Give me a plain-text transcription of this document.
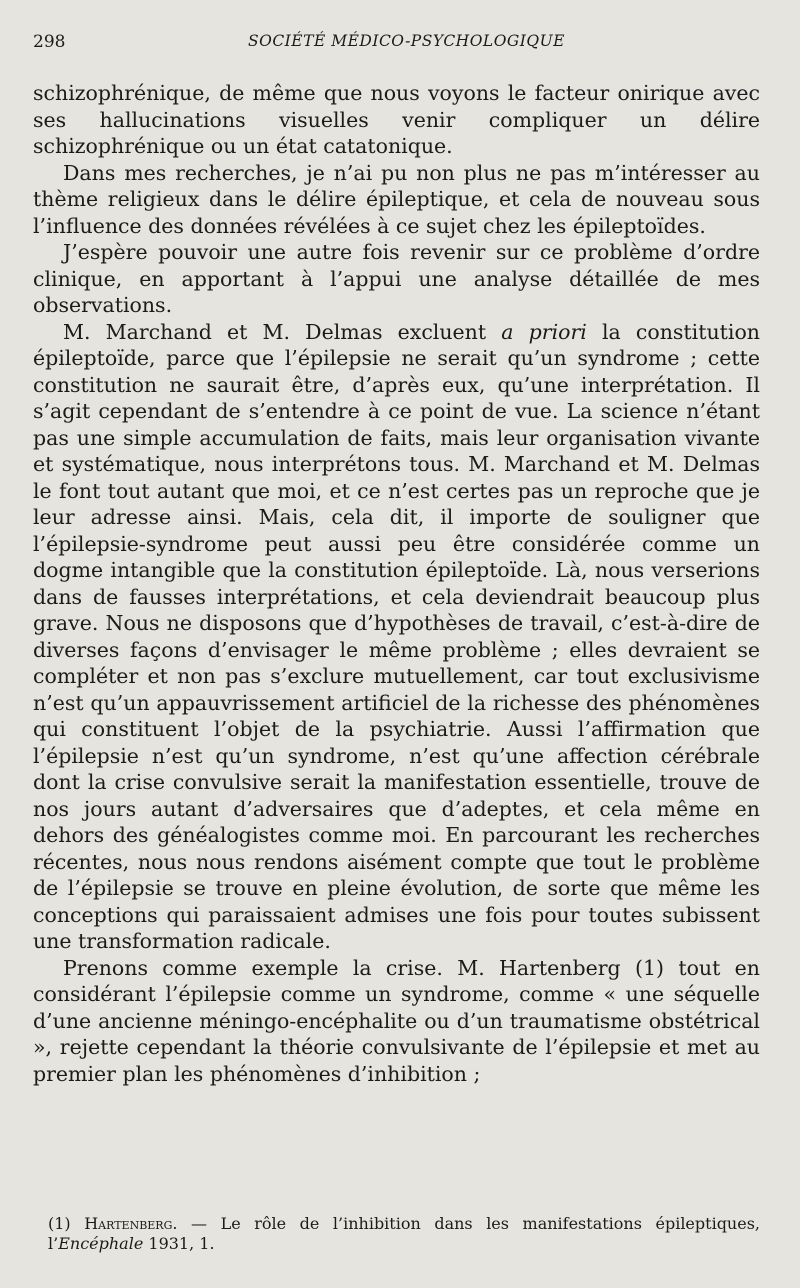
298	SOCIÉTÉ MÉDICO-PSYCHOLOGIQUE

schizophrénique, de même que nous voyons le facteur onirique avec ses hallucinations visuelles venir compliquer un délire schizophrénique ou un état catatonique.

Dans mes recherches, je n’ai pu non plus ne pas m’intéresser au thème religieux dans le délire épileptique, et cela de nouveau sous l’influence des données révélées à ce sujet chez les épileptoïdes.

J’espère pouvoir une autre fois revenir sur ce problème d’ordre clinique, en apportant à l’appui une analyse détaillée de mes observations.

M. Marchand et M. Delmas excluent a priori la constitution épileptoïde, parce que l’épilepsie ne serait qu’un syndrome ; cette constitution ne saurait être, d’après eux, qu’une interprétation. Il s’agit cependant de s’entendre à ce point de vue. La science n’étant pas une simple accumulation de faits, mais leur organisation vivante et systématique, nous interprétons tous. M. Marchand et M. Delmas le font tout autant que moi, et ce n’est certes pas un reproche que je leur adresse ainsi. Mais, cela dit, il importe de souligner que l’épilepsie-syndrome peut aussi peu être considérée comme un dogme intangible que la constitution épileptoïde. Là, nous verserions dans de fausses interprétations, et cela deviendrait beaucoup plus grave. Nous ne disposons que d’hypothèses de travail, c’est-à-dire de diverses façons d’envisager le même problème ; elles devraient se compléter et non pas s’exclure mutuellement, car tout exclusivisme n’est qu’un appauvrissement artificiel de la richesse des phénomènes qui constituent l’objet de la psychiatrie. Aussi l’affirmation que l’épilepsie n’est qu’un syndrome, n’est qu’une affection cérébrale dont la crise convulsive serait la manifestation essentielle, trouve de nos jours autant d’adversaires que d’adeptes, et cela même en dehors des généalogistes comme moi. En parcourant les recherches récentes, nous nous rendons aisément compte que tout le problème de l’épilepsie se trouve en pleine évolution, de sorte que même les conceptions qui paraissaient admises une fois pour toutes subissent une transformation radicale.

Prenons comme exemple la crise. M. Hartenberg (1) tout en considérant l’épilepsie comme un syndrome, comme « une séquelle d’une ancienne méningo-encéphalite ou d’un traumatisme obstétrical », rejette cependant la théorie convulsivante de l’épilepsie et met au premier plan les phénomènes d’inhibition ;

(1) Hartenberg. — Le rôle de l’inhibition dans les manifestations épileptiques, l’Encéphale 1931, 1.
